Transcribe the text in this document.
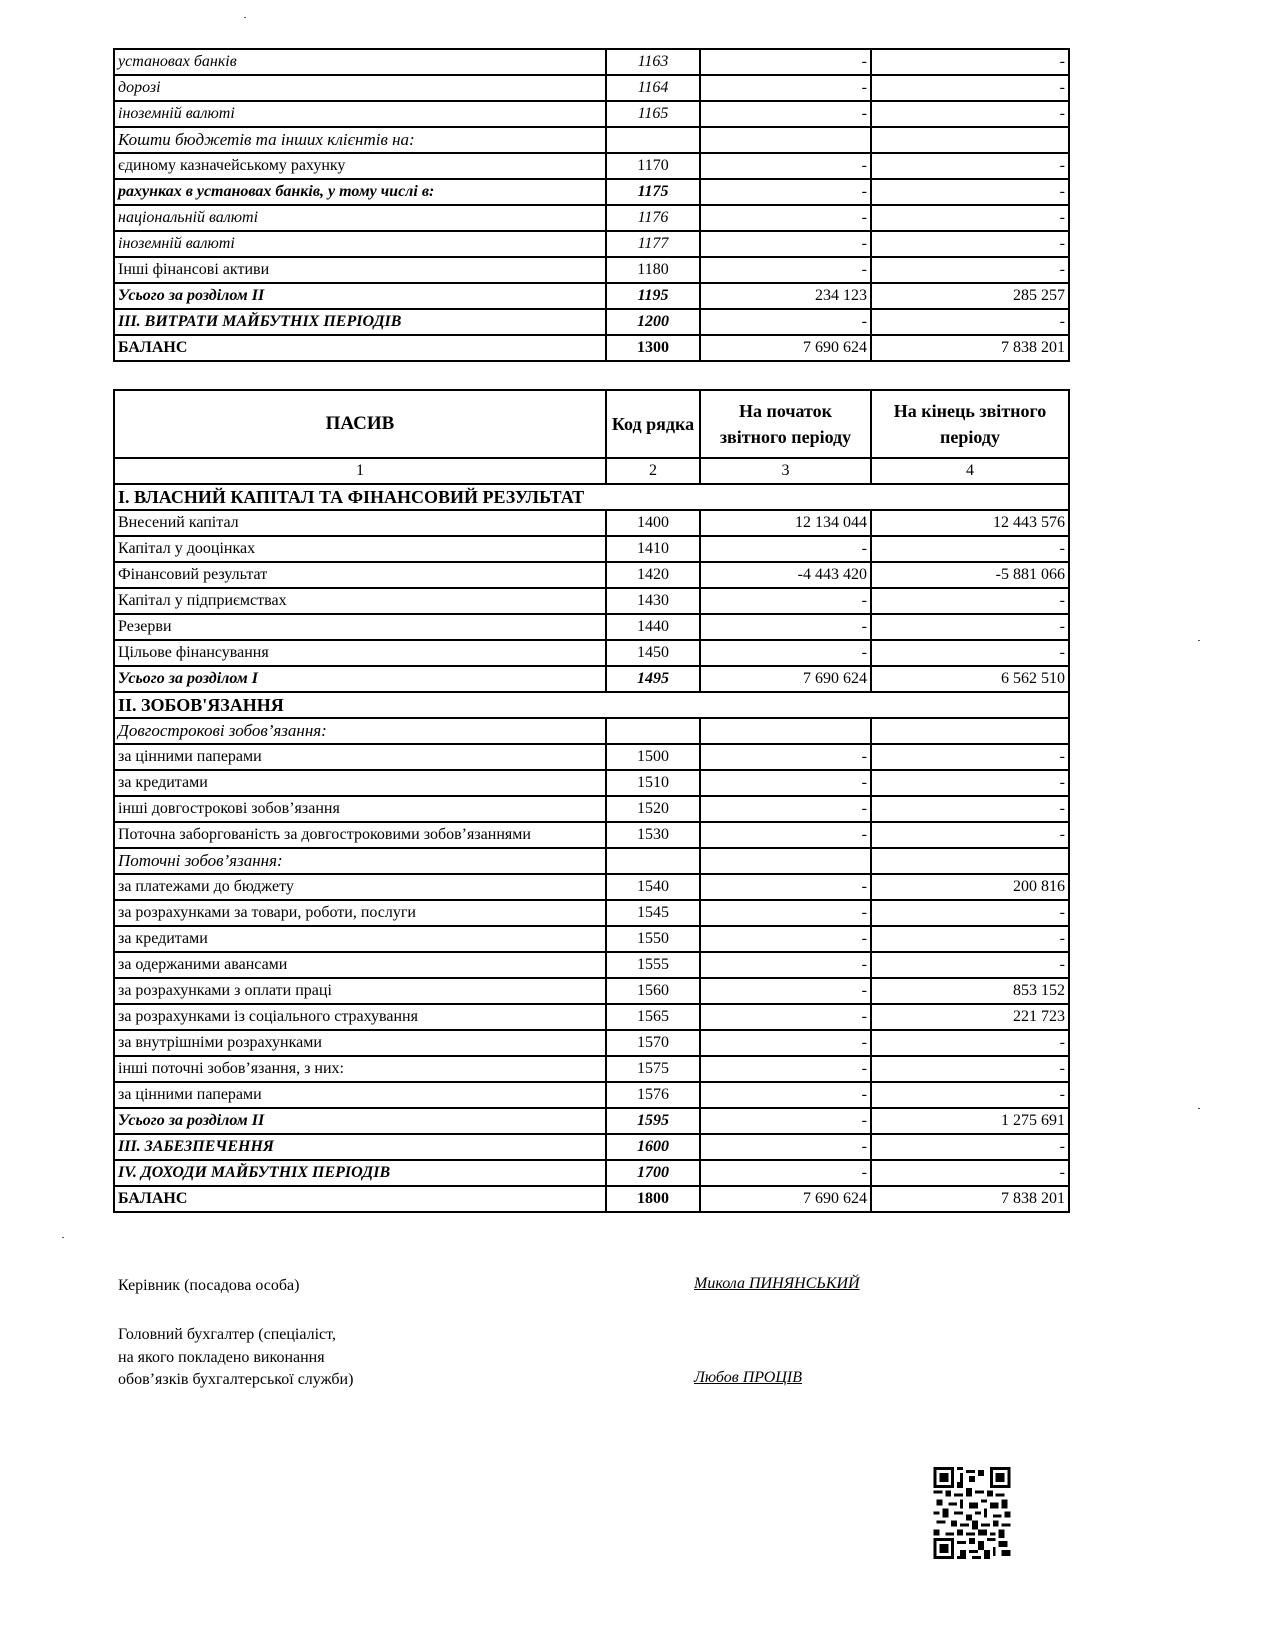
установах банків	1163	-	-
дорозі	1164	-	-
іноземній валюті	1165	-	-
Кошти бюджетів та інших клієнтів на:			
єдиному казначейському рахунку	1170	-	-
рахунках в установах банків, у тому числі в:	1175	-	-
національній валюті	1176	-	-
іноземній валюті	1177	-	-
Інші фінансові активи	1180	-	-
Усього за розділом II	1195	234 123	285 257
III. ВИТРАТИ МАЙБУТНІХ ПЕРІОДІВ	1200	-	-
БАЛАНС	1300	7 690 624	7 838 201
ПАСИВ	Код рядка	На початок звітного періоду	На кінець звітного періоду
1	2	3	4
І. ВЛАСНИЙ КАПІТАЛ ТА ФІНАНСОВИЙ РЕЗУЛЬТАТ			
Внесений капітал	1400	12 134 044	12 443 576
Капітал у дооцінках	1410	-	-
Фінансовий результат	1420	-4 443 420	-5 881 066
Капітал у підприємствах	1430	-	-
Резерви	1440	-	-
Цільове фінансування	1450	-	-
Усього за розділом I	1495	7 690 624	6 562 510
II. ЗОБОВ'ЯЗАННЯ			
Довгострокові зобов’язання:			
за цінними паперами	1500	-	-
за кредитами	1510	-	-
інші довгострокові зобов’язання	1520	-	-
Поточна заборгованість за довгостроковими зобов’язаннями	1530	-	-
Поточні зобов’язання:			
за платежами до бюджету	1540	-	200 816
за розрахунками за товари, роботи, послуги	1545	-	-
за кредитами	1550	-	-
за одержаними авансами	1555	-	-
за розрахунками з оплати праці	1560	-	853 152
за розрахунками із соціального страхування	1565	-	221 723
за внутрішніми розрахунками	1570	-	-
інші поточні зобов’язання, з них:	1575	-	-
за цінними паперами	1576	-	-
Усього за розділом II	1595	-	1 275 691
III. ЗАБЕЗПЕЧЕННЯ	1600	-	-
IV. ДОХОДИ МАЙБУТНІХ ПЕРІОДІВ	1700	-	-
БАЛАНС	1800	7 690 624	7 838 201
Керівник (посадова особа)	Микола ПИНЯНСЬКИЙ
Головний бухгалтер (спеціаліст,
на якого покладено виконання
обов’язків бухгалтерської служби)	Любов ПРОЦІВ
